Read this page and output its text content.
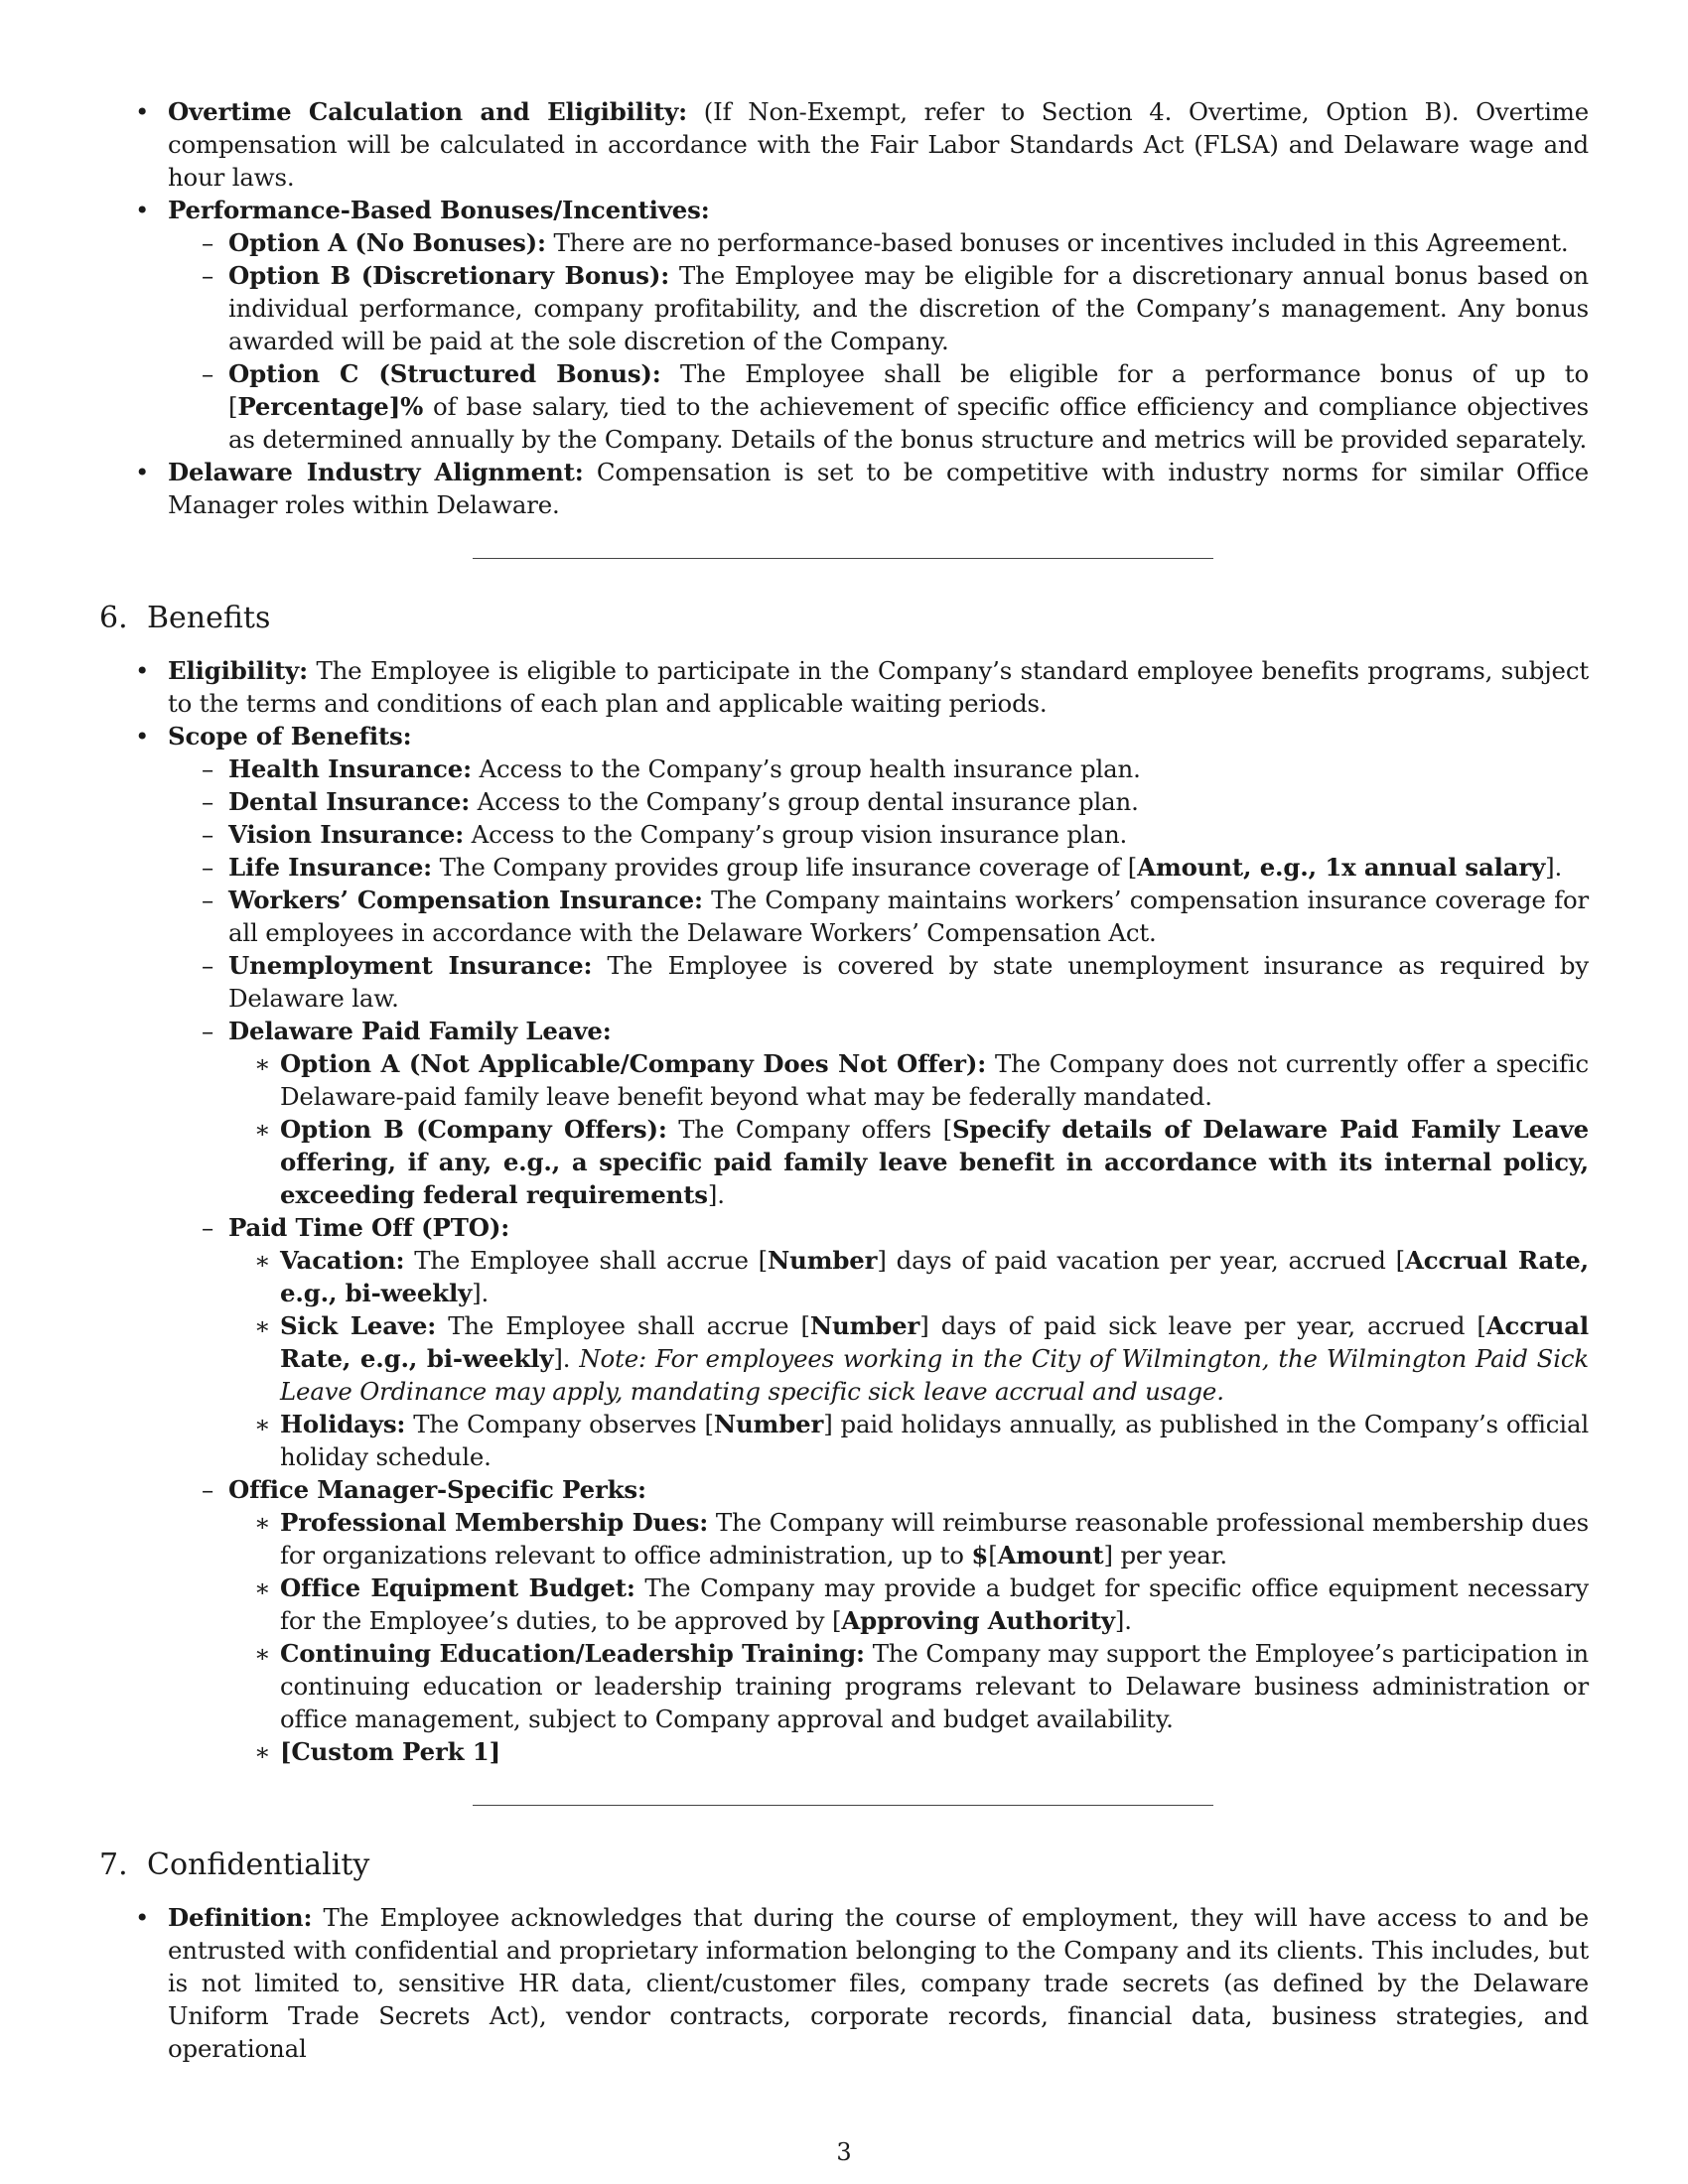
• Overtime Calculation and Eligibility: (If Non-Exempt, refer to Section 4. Overtime, Option B). Overtime compensation will be calculated in accordance with the Fair Labor Standards Act (FLSA) and Delaware wage and hour laws.
• Performance-Based Bonuses/Incentives:
– Option A (No Bonuses): There are no performance-based bonuses or incentives included in this Agreement.
– Option B (Discretionary Bonus): The Employee may be eligible for a discretionary annual bonus based on individual performance, company profitability, and the discretion of the Company’s management. Any bonus awarded will be paid at the sole discretion of the Company.
– Option C (Structured Bonus): The Employee shall be eligible for a performance bonus of up to [Percentage]% of base salary, tied to the achievement of specific office efficiency and compliance objectives as determined annually by the Company. Details of the bonus structure and metrics will be provided separately.
• Delaware Industry Alignment: Compensation is set to be competitive with industry norms for similar Office Manager roles within Delaware.
6. Benefits
• Eligibility: The Employee is eligible to participate in the Company’s standard employee benefits programs, subject to the terms and conditions of each plan and applicable waiting periods.
• Scope of Benefits:
– Health Insurance: Access to the Company’s group health insurance plan.
– Dental Insurance: Access to the Company’s group dental insurance plan.
– Vision Insurance: Access to the Company’s group vision insurance plan.
– Life Insurance: The Company provides group life insurance coverage of [Amount, e.g., 1x annual salary].
– Workers’ Compensation Insurance: The Company maintains workers’ compensation insurance coverage for all employees in accordance with the Delaware Workers’ Compensation Act.
– Unemployment Insurance: The Employee is covered by state unemployment insurance as required by Delaware law.
– Delaware Paid Family Leave:
∗ Option A (Not Applicable/Company Does Not Offer): The Company does not currently offer a specific Delaware-paid family leave benefit beyond what may be federally mandated.
∗ Option B (Company Offers): The Company offers [Specify details of Delaware Paid Family Leave offering, if any, e.g., a specific paid family leave benefit in accordance with its internal policy, exceeding federal requirements].
– Paid Time Off (PTO):
∗ Vacation: The Employee shall accrue [Number] days of paid vacation per year, accrued [Accrual Rate, e.g., bi-weekly].
∗ Sick Leave: The Employee shall accrue [Number] days of paid sick leave per year, accrued [Accrual Rate, e.g., bi-weekly]. Note: For employees working in the City of Wilmington, the Wilmington Paid Sick Leave Ordinance may apply, mandating specific sick leave accrual and usage.
∗ Holidays: The Company observes [Number] paid holidays annually, as published in the Company’s official holiday schedule.
– Office Manager-Specific Perks:
∗ Professional Membership Dues: The Company will reimburse reasonable professional membership dues for organizations relevant to office administration, up to $[Amount] per year.
∗ Office Equipment Budget: The Company may provide a budget for specific office equipment necessary for the Employee’s duties, to be approved by [Approving Authority].
∗ Continuing Education/Leadership Training: The Company may support the Employee’s participation in continuing education or leadership training programs relevant to Delaware business administration or office management, subject to Company approval and budget availability.
∗ [Custom Perk 1]
7. Confidentiality
• Definition: The Employee acknowledges that during the course of employment, they will have access to and be entrusted with confidential and proprietary information belonging to the Company and its clients. This includes, but is not limited to, sensitive HR data, client/customer files, company trade secrets (as defined by the Delaware Uniform Trade Secrets Act), vendor contracts, corporate records, financial data, business strategies, and operational
3
